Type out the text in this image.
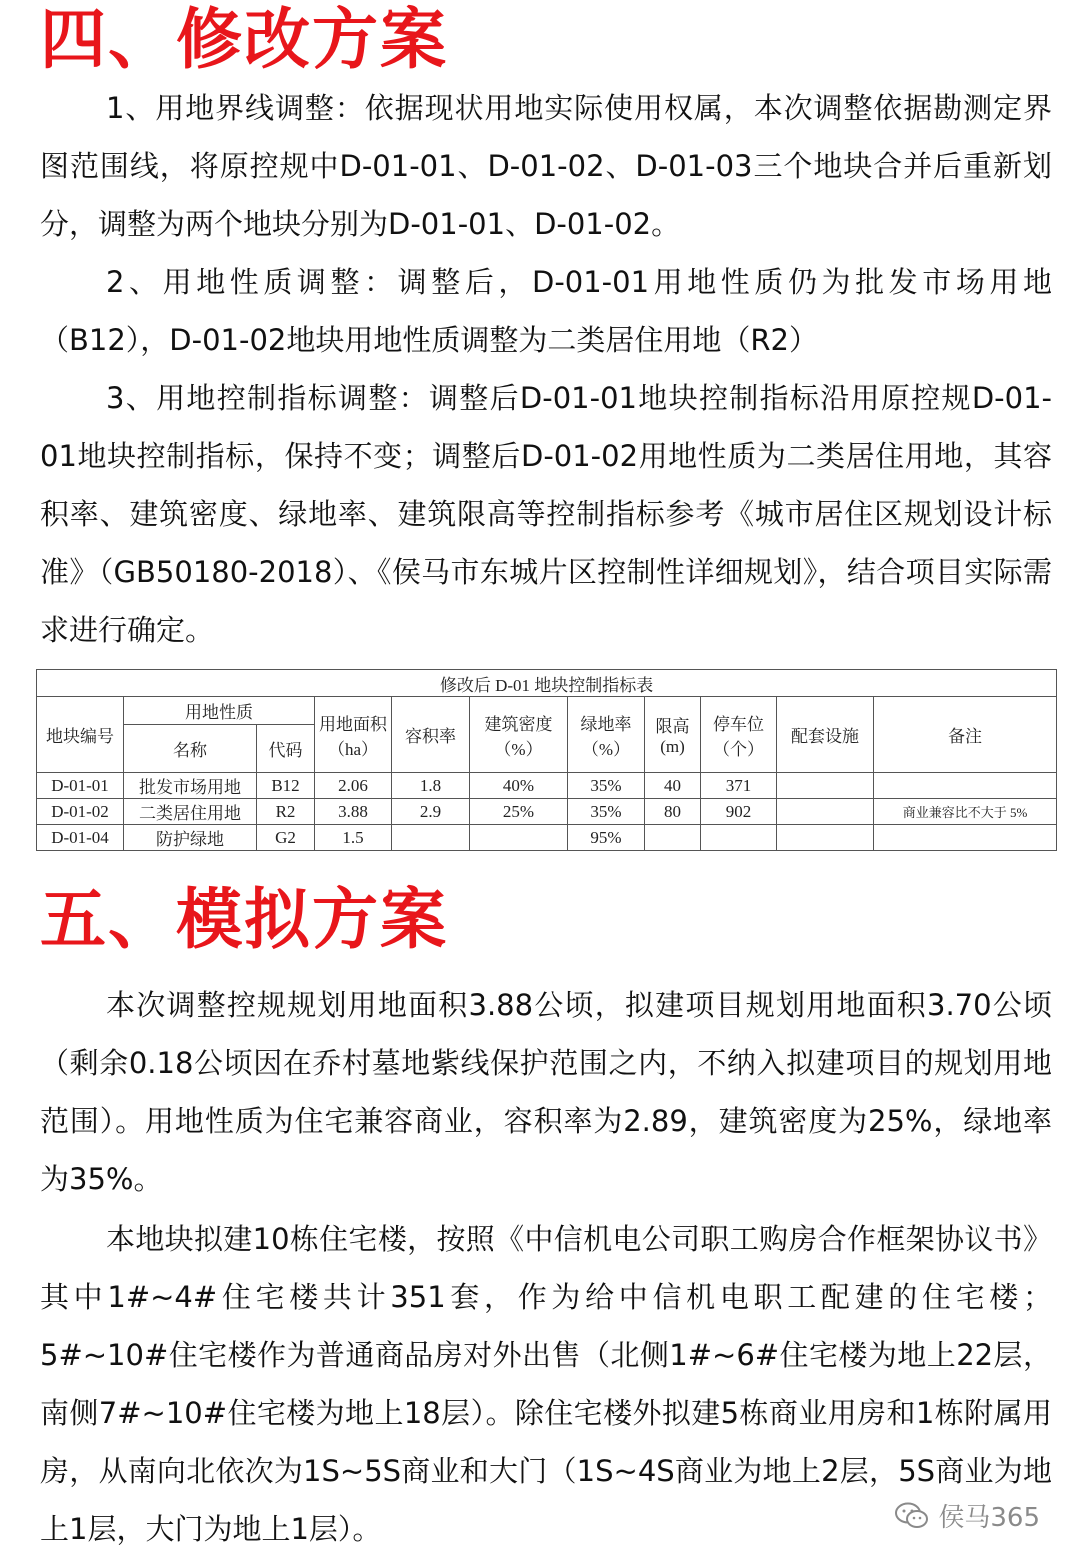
四、修改方案

1、用地界线调整：依据现状用地实际使用权属，本次调整依据勘测定界图范围线，将原控规中D-01-01、D-01-02、D-01-03三个地块合并后重新划分，调整为两个地块分别为D-01-01、D-01-02。

2、用地性质调整：调整后，D-01-01用地性质仍为批发市场用地（B12），D-01-02地块用地性质调整为二类居住用地（R2）

3、用地控制指标调整：调整后D-01-01地块控制指标沿用原控规D-01-01地块控制指标，保持不变；调整后D-01-02用地性质为二类居住用地，其容积率、建筑密度、绿地率、建筑限高等控制指标参考《城市居住区规划设计标准》（GB50180-2018）、《侯马市东城片区控制性详细规划》，结合项目实际需求进行确定。

修改后 D-01 地块控制指标表										
地块编号	用地性质		用地面积（ha）	容积率	建筑密度（%）	绿地率（%）	限高(m)	停车位（个）	配套设施	备注
	名称	代码								
D-01-01	批发市场用地	B12	2.06	1.8	40%	35%	40	371		
D-01-02	二类居住用地	R2	3.88	2.9	25%	35%	80	902		商业兼容比不大于 5%
D-01-04	防护绿地	G2	1.5			95%				
五、模拟方案

本次调整控规规划用地面积3.88公顷，拟建项目规划用地面积3.70公顷（剩余0.18公顷因在乔村墓地紫线保护范围之内，不纳入拟建项目的规划用地范围）。用地性质为住宅兼容商业，容积率为2.89，建筑密度为25%，绿地率为35%。

本地块拟建10栋住宅楼，按照《中信机电公司职工购房合作框架协议书》其中1#~4#住宅楼共计351套，作为给中信机电职工配建的住宅楼；5#~10#住宅楼作为普通商品房对外出售（北侧1#~6#住宅楼为地上22层，南侧7#~10#住宅楼为地上18层）。除住宅楼外拟建5栋商业用房和1栋附属用房，从南向北依次为1S~5S商业和大门（1S~4S商业为地上2层，5S商业为地上1层，大门为地上1层）。	侯马365
